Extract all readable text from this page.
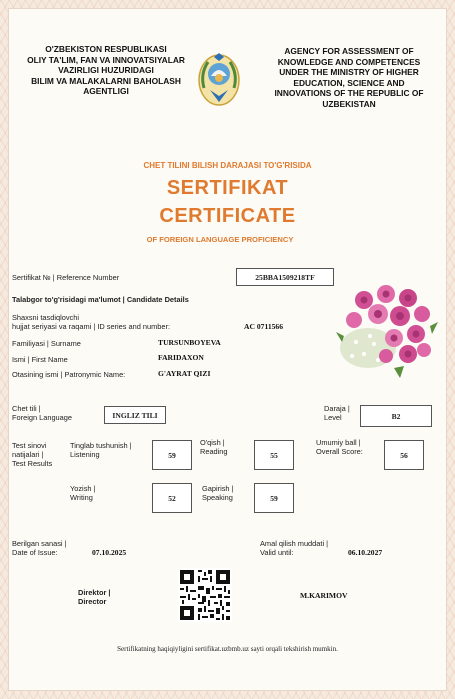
O'ZBEKISTON RESPUBLIKASI
OLIY TA'LIM, FAN VA INNOVATSIYALAR
VAZIRLIGI HUZURIDAGI
BILIM VA MALAKALARNI BAHOLASH
AGENTLIGI
AGENCY FOR ASSESSMENT OF
KNOWLEDGE AND COMPETENCES
UNDER THE MINISTRY OF HIGHER
EDUCATION, SCIENCE AND
INNOVATIONS OF THE REPUBLIC OF
UZBEKISTAN
CHET TILINI BILISH DARAJASI TO'G'RISIDA
SERTIFIKAT
CERTIFICATE
OF FOREIGN LANGUAGE PROFICIENCY
Sertifikat № | Reference Number	25BBA1509218TF
Talabgor to'g'risidagi ma'lumot | Candidate Details
Shaxsni tasdiqlovchi
hujjat seriyasi va raqami | ID series and number:	AC 0711566
Familiyasi | Surname	TURSUNBOYEVA
Ismi | First Name	FARIDAXON
Otasining ismi | Patronymic Name:	G'AYRAT QIZI
Chet tili |
Foreign Language	INGLIZ TILI
Daraja |
Level	B2
Test sinovi
natijalari |
Test Results
Tinglab tushunish |
Listening	59
O'qish |
Reading	55
Umumiy ball |
Overall Score:	56
Yozish |
Writing	52
Gapirish |
Speaking	59
Berilgan sanasi |
Date of Issue:	07.10.2025
Amal qilish muddati |
Valid until:	06.10.2027
Direktor |
Director
M.KARIMOV
Sertifikatning haqiqiyligini sertifikat.uzbmb.uz sayti orqali tekshirish mumkin.
